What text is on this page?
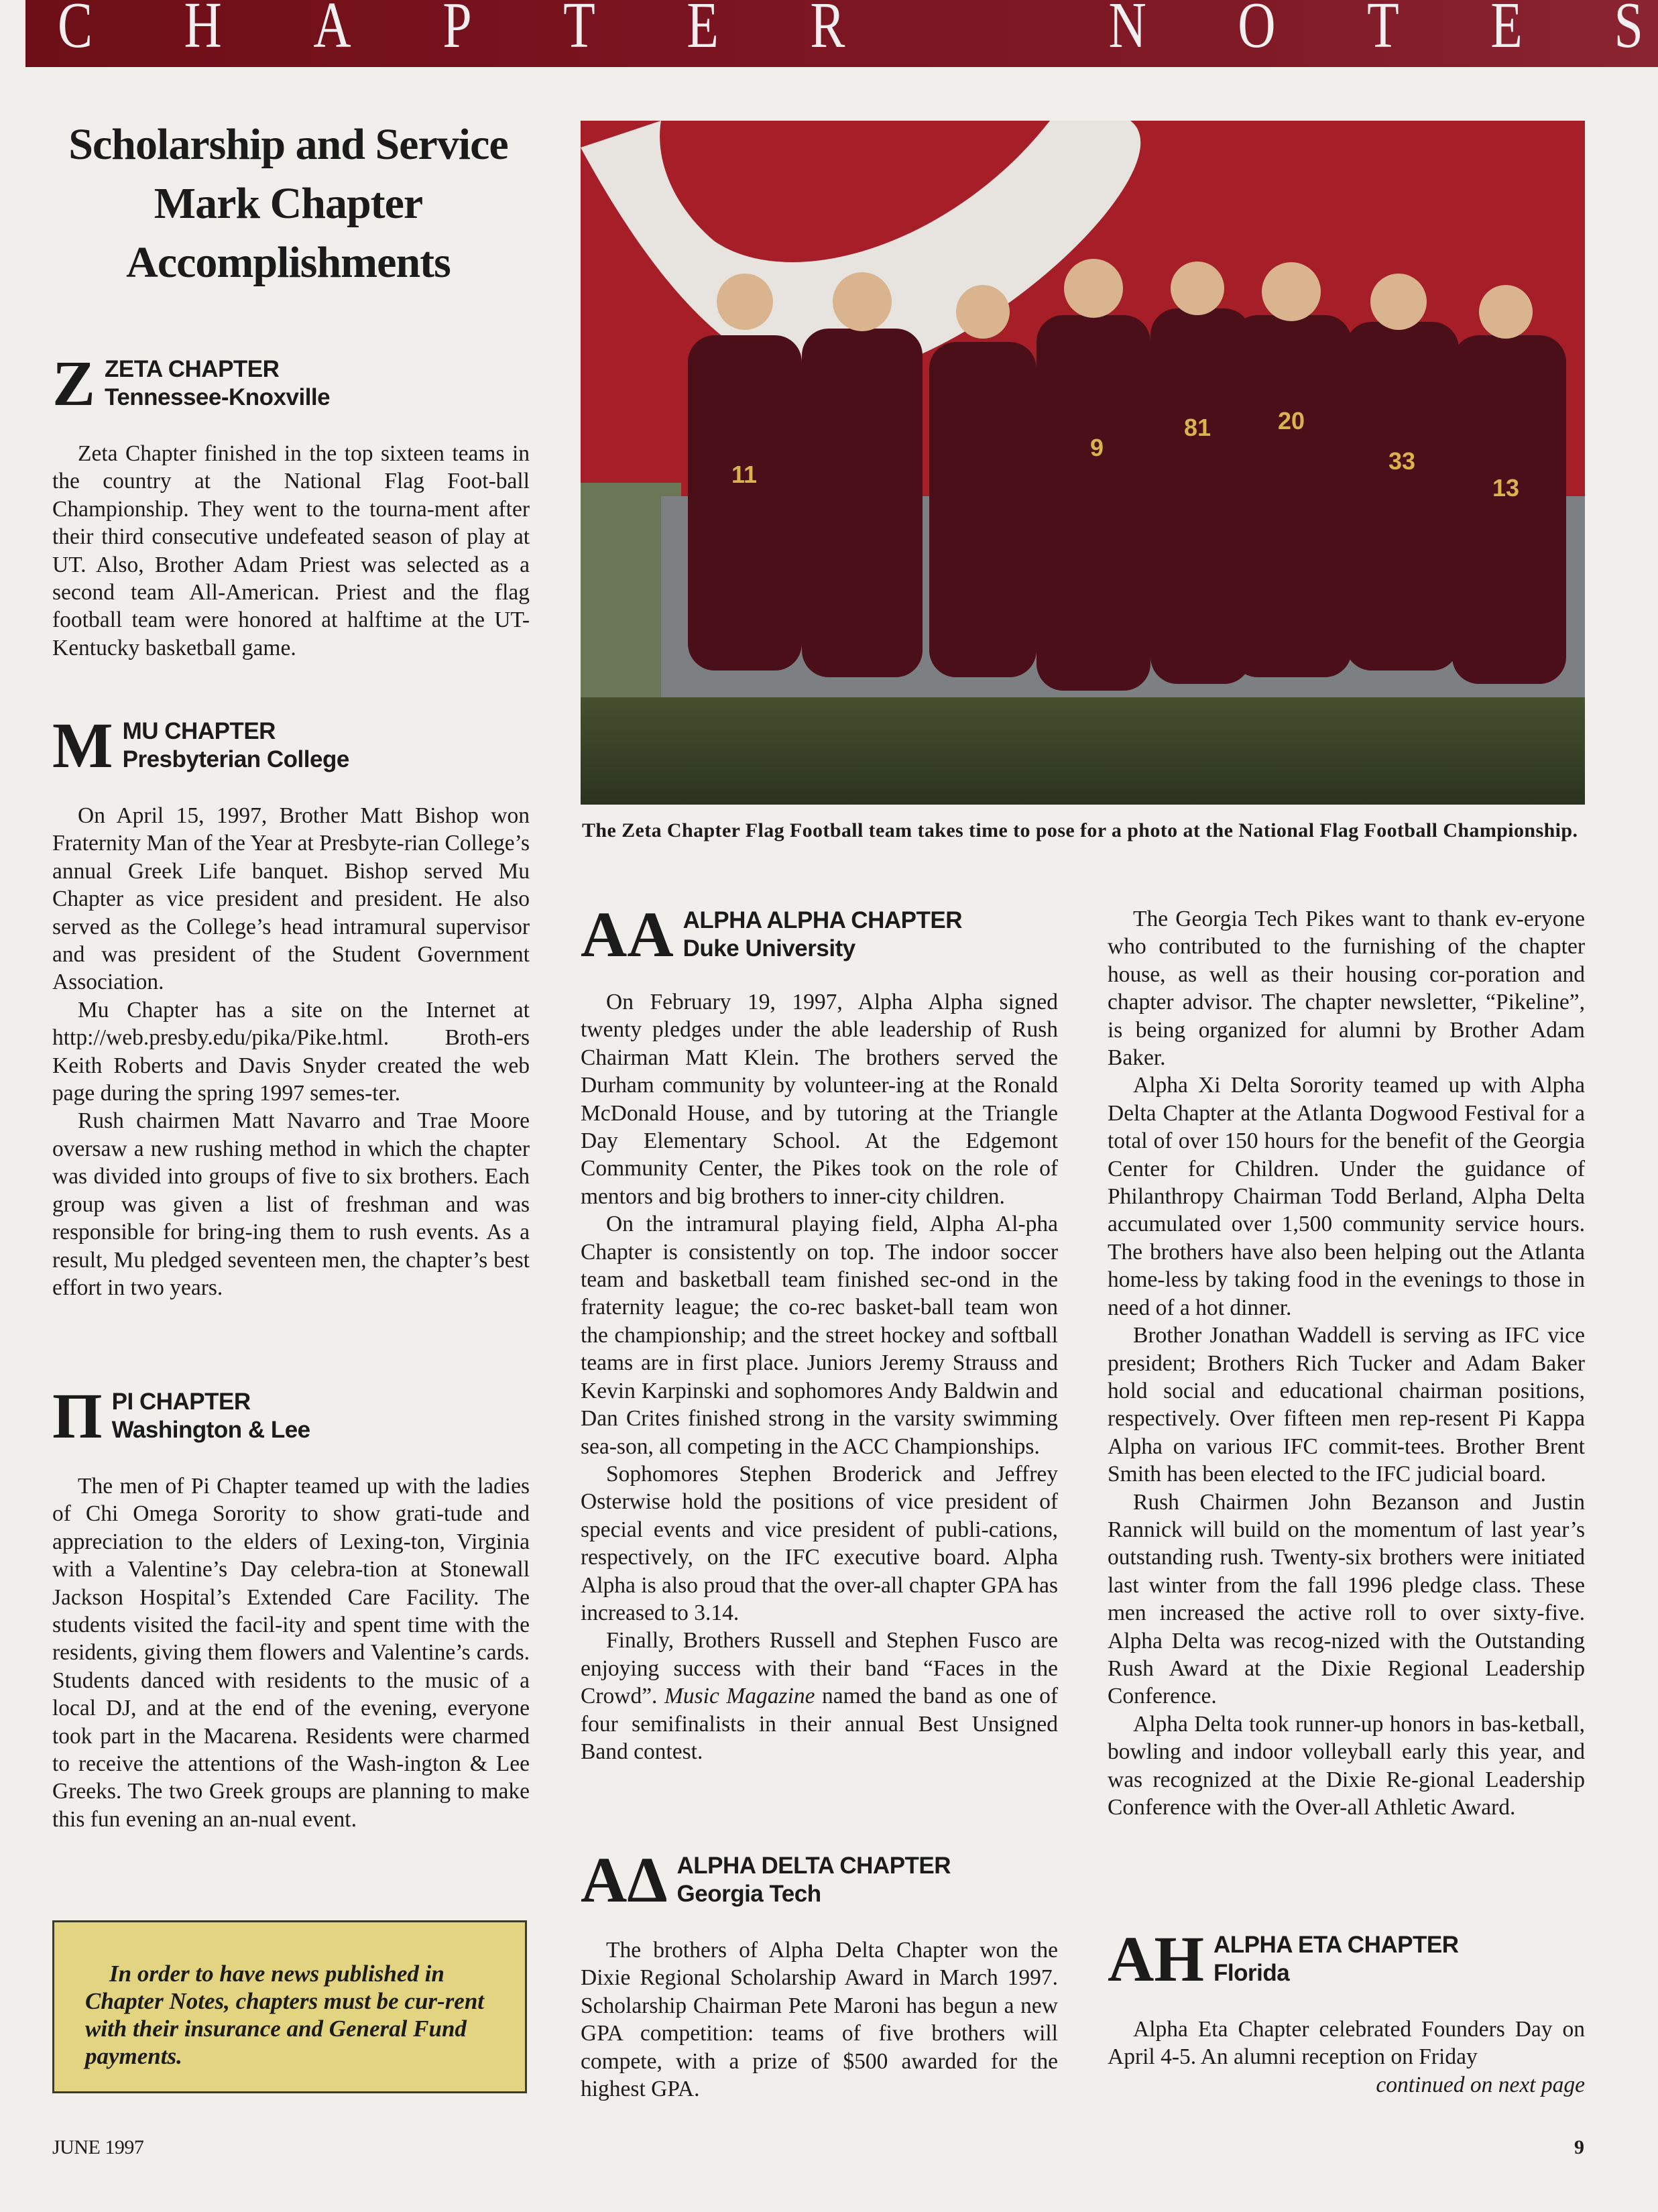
C H A P T E R	N O T E S
Scholarship and Service
Mark Chapter
Accomplishments
Z ZETA CHAPTER
Tennessee-Knoxville

Zeta Chapter finished in the top sixteen teams in the country at the National Flag Foot-ball Championship. They went to the tourna-ment after their third consecutive undefeated season of play at UT. Also, Brother Adam Priest was selected as a second team All-American. Priest and the flag football team were honored at halftime at the UT-Kentucky basketball game.

M MU CHAPTER
Presbyterian College

On April 15, 1997, Brother Matt Bishop won Fraternity Man of the Year at Presbyte-rian College’s annual Greek Life banquet. Bishop served Mu Chapter as vice president and president. He also served as the College’s head intramural supervisor and was president of the Student Government Association.

Mu Chapter has a site on the Internet at http://web.presby.edu/pika/Pike.html. Broth-ers Keith Roberts and Davis Snyder created the web page during the spring 1997 semes-ter.

Rush chairmen Matt Navarro and Trae Moore oversaw a new rushing method in which the chapter was divided into groups of five to six brothers. Each group was given a list of freshman and was responsible for bring-ing them to rush events. As a result, Mu pledged seventeen men, the chapter’s best effort in two years.

Π PI CHAPTER
Washington & Lee

The men of Pi Chapter teamed up with the ladies of Chi Omega Sorority to show grati-tude and appreciation to the elders of Lexing-ton, Virginia with a Valentine’s Day celebra-tion at Stonewall Jackson Hospital’s Extended Care Facility. The students visited the facil-ity and spent time with the residents, giving them flowers and Valentine’s cards. Students danced with residents to the music of a local DJ, and at the end of the evening, everyone took part in the Macarena. Residents were charmed to receive the attentions of the Wash-ington & Lee Greeks. The two Greek groups are planning to make this fun evening an an-nual event.

In order to have news published in Chapter Notes, chapters must be cur-rent with their insurance and General Fund payments.

11
9
81	20
33
13
The Zeta Chapter Flag Football team takes time to pose for a photo at the National Flag Football Championship.
AA ALPHA ALPHA CHAPTER
Duke University

On February 19, 1997, Alpha Alpha signed twenty pledges under the able leadership of Rush Chairman Matt Klein. The brothers served the Durham community by volunteer-ing at the Ronald McDonald House, and by tutoring at the Triangle Day Elementary School. At the Edgemont Community Center, the Pikes took on the role of mentors and big brothers to inner-city children.

On the intramural playing field, Alpha Al-pha Chapter is consistently on top. The indoor soccer team and basketball team finished sec-ond in the fraternity league; the co-rec basket-ball team won the championship; and the street hockey and softball teams are in first place. Juniors Jeremy Strauss and Kevin Karpinski and sophomores Andy Baldwin and Dan Crites finished strong in the varsity swimming sea-son, all competing in the ACC Championships.

Sophomores Stephen Broderick and Jeffrey Osterwise hold the positions of vice president of special events and vice president of publi-cations, respectively, on the IFC executive board. Alpha Alpha is also proud that the over-all chapter GPA has increased to 3.14.

Finally, Brothers Russell and Stephen Fusco are enjoying success with their band “Faces in the Crowd”. Music Magazine named the band as one of four semifinalists in their annual Best Unsigned Band contest.

AΔ ALPHA DELTA CHAPTER
Georgia Tech

The brothers of Alpha Delta Chapter won the Dixie Regional Scholarship Award in March 1997. Scholarship Chairman Pete Maroni has begun a new GPA competition: teams of five brothers will compete, with a prize of $500 awarded for the highest GPA.

The Georgia Tech Pikes want to thank ev-eryone who contributed to the furnishing of the chapter house, as well as their housing cor-poration and chapter advisor. The chapter newsletter, “Pikeline”, is being organized for alumni by Brother Adam Baker.

Alpha Xi Delta Sorority teamed up with Alpha Delta Chapter at the Atlanta Dogwood Festival for a total of over 150 hours for the benefit of the Georgia Center for Children. Under the guidance of Philanthropy Chairman Todd Berland, Alpha Delta accumulated over 1,500 community service hours. The brothers have also been helping out the Atlanta home-less by taking food in the evenings to those in need of a hot dinner.

Brother Jonathan Waddell is serving as IFC vice president; Brothers Rich Tucker and Adam Baker hold social and educational chairman positions, respectively. Over fifteen men rep-resent Pi Kappa Alpha on various IFC commit-tees. Brother Brent Smith has been elected to the IFC judicial board.

Rush Chairmen John Bezanson and Justin Rannick will build on the momentum of last year’s outstanding rush. Twenty-six brothers were initiated last winter from the fall 1996 pledge class. These men increased the active roll to over sixty-five. Alpha Delta was recog-nized with the Outstanding Rush Award at the Dixie Regional Leadership Conference.

Alpha Delta took runner-up honors in bas-ketball, bowling and indoor volleyball early this year, and was recognized at the Dixie Re-gional Leadership Conference with the Over-all Athletic Award.

AH ALPHA ETA CHAPTER
Florida

Alpha Eta Chapter celebrated Founders Day on April 4-5. An alumni reception on Friday

continued on next page
JUNE 1997	9
